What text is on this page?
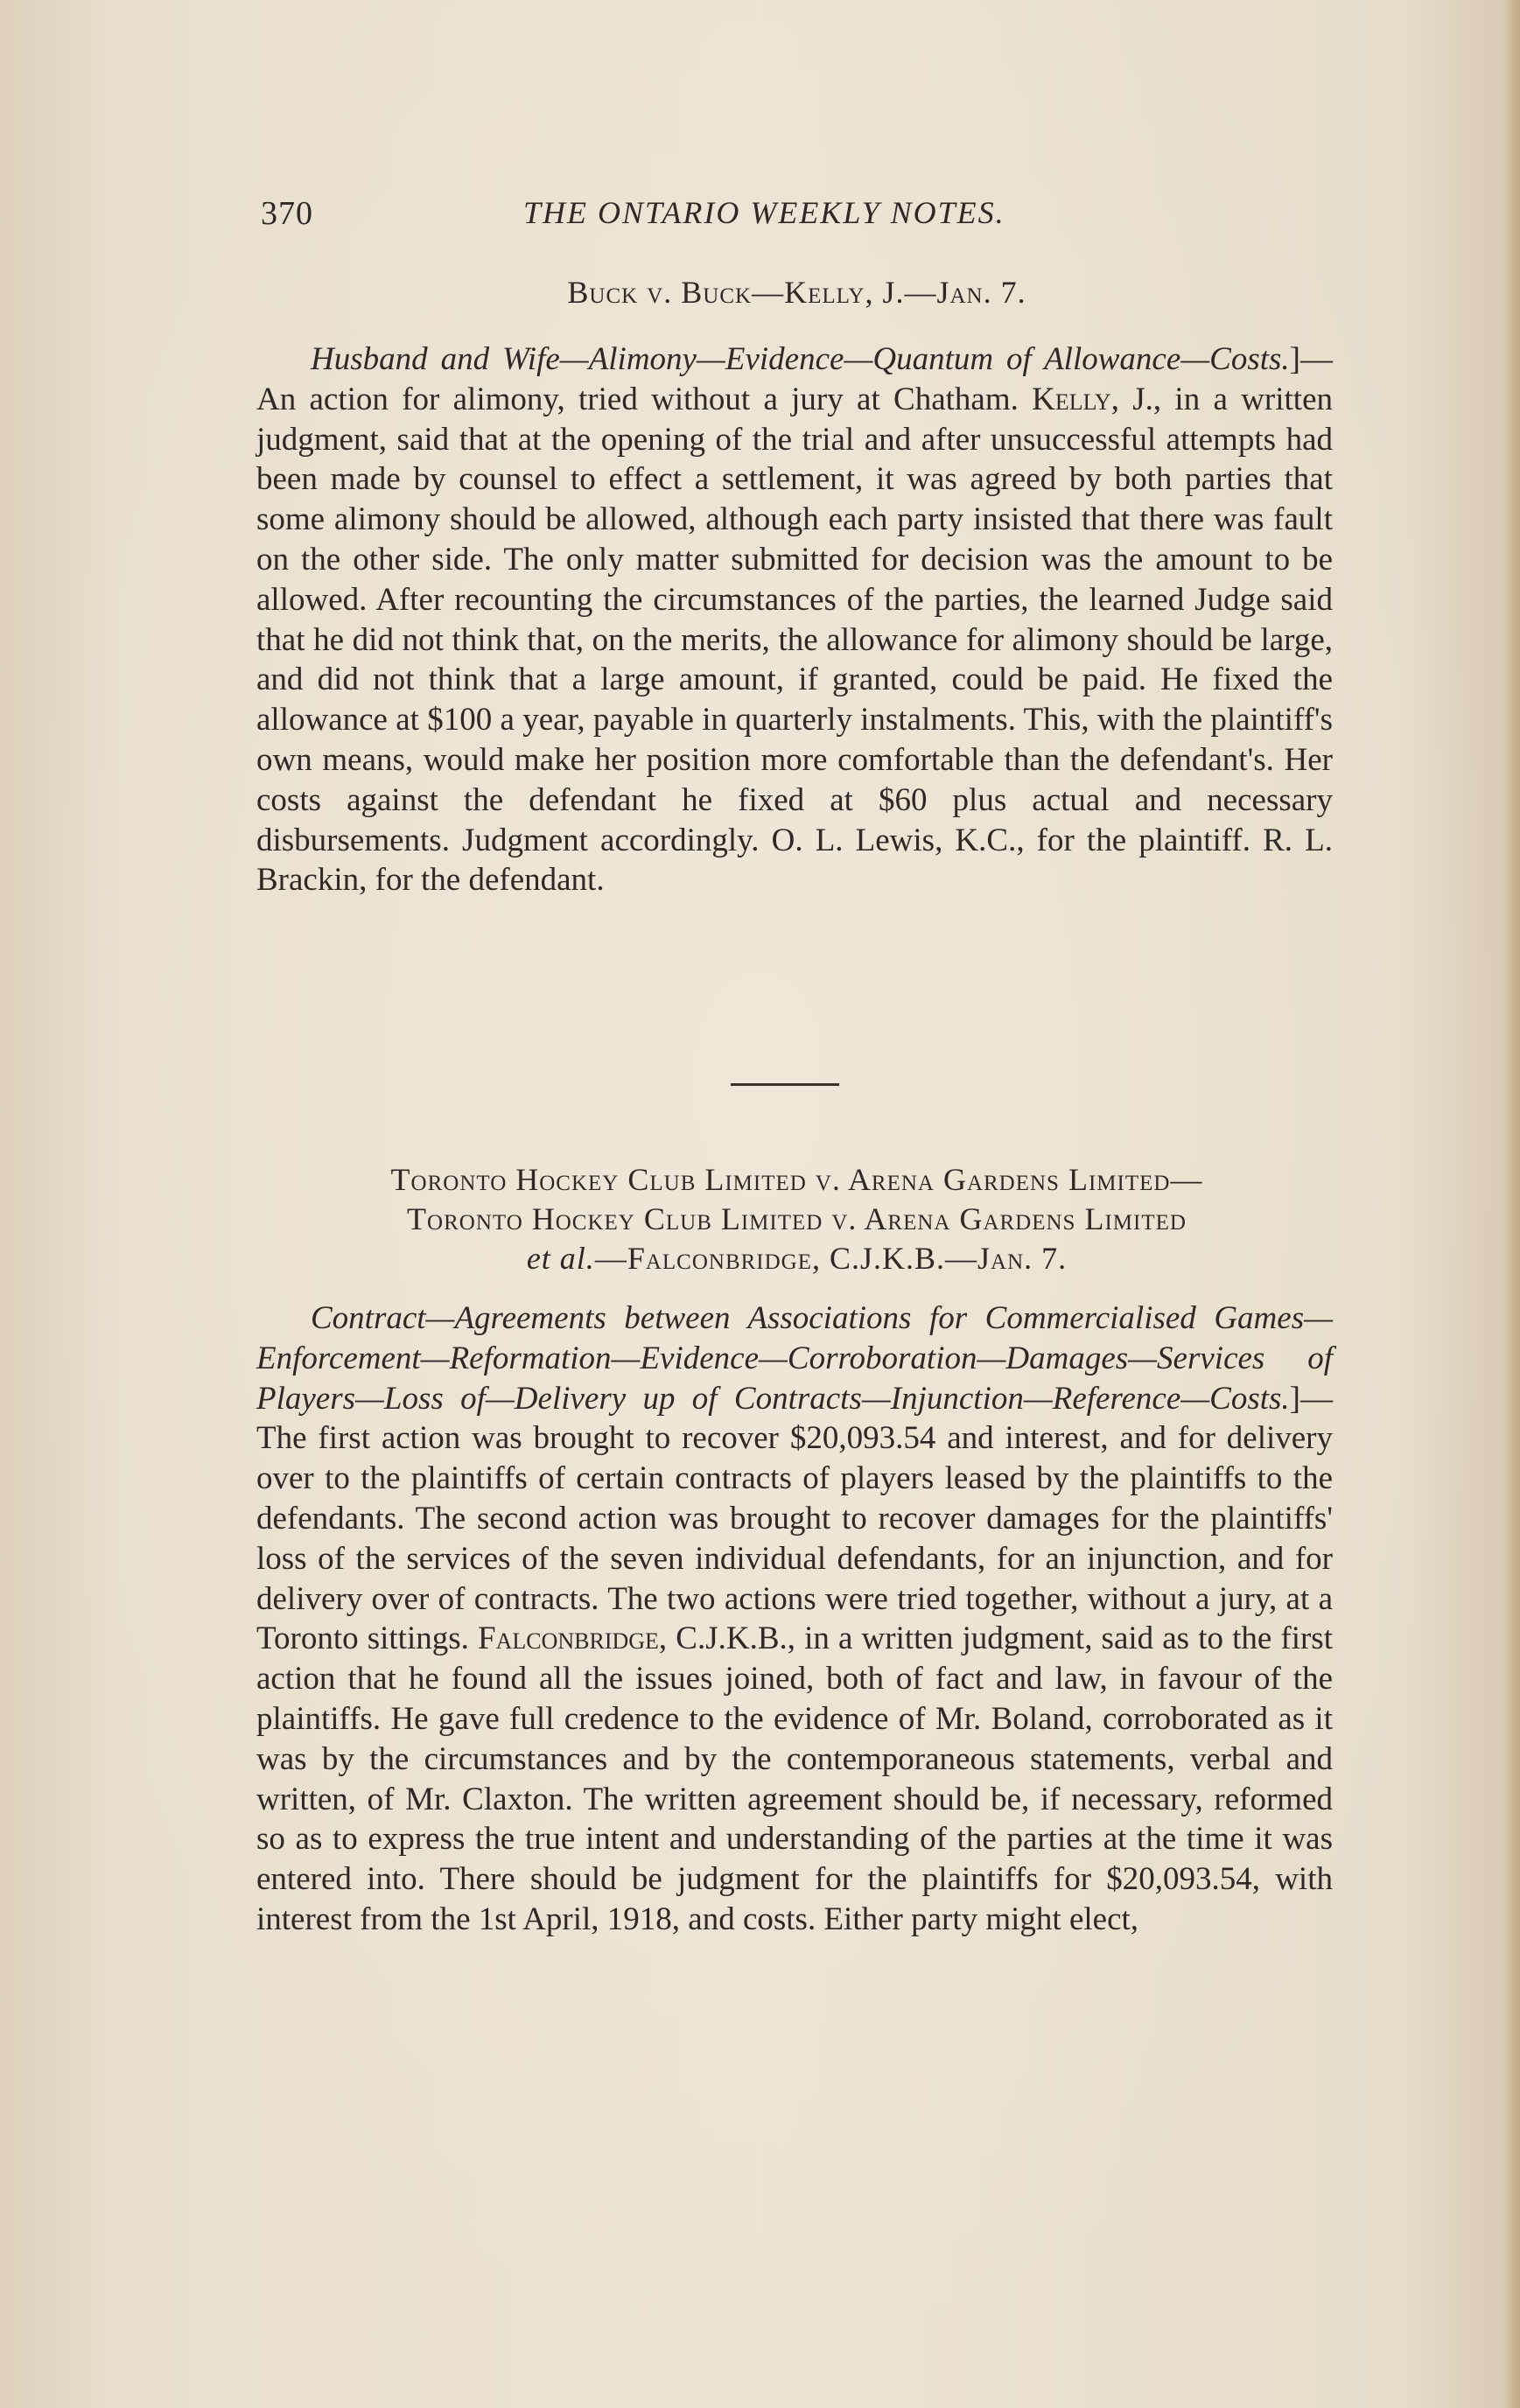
370	THE ONTARIO WEEKLY NOTES.
Buck v. Buck—Kelly, J.—Jan. 7.

Husband and Wife—Alimony—Evidence—Quantum of Allowance—Costs.]—An action for alimony, tried without a jury at Chatham. Kelly, J., in a written judgment, said that at the opening of the trial and after unsuccessful attempts had been made by counsel to effect a settlement, it was agreed by both parties that some alimony should be allowed, although each party insisted that there was fault on the other side. The only matter submitted for decision was the amount to be allowed. After recounting the circumstances of the parties, the learned Judge said that he did not think that, on the merits, the allowance for alimony should be large, and did not think that a large amount, if granted, could be paid. He fixed the allowance at $100 a year, payable in quarterly instalments. This, with the plaintiff's own means, would make her position more comfortable than the defendant's. Her costs against the defendant he fixed at $60 plus actual and necessary disbursements. Judgment accordingly. O. L. Lewis, K.C., for the plaintiff. R. L. Brackin, for the defendant.

Toronto Hockey Club Limited v. Arena Gardens Limited—
Toronto Hockey Club Limited v. Arena Gardens Limited
et al.—Falconbridge, C.J.K.B.—Jan. 7.

Contract—Agreements between Associations for Commercialised Games—Enforcement—Reformation—Evidence—Corroboration—Damages—Services of Players—Loss of—Delivery up of Contracts—Injunction—Reference—Costs.]—The first action was brought to recover $20,093.54 and interest, and for delivery over to the plaintiffs of certain contracts of players leased by the plaintiffs to the defendants. The second action was brought to recover damages for the plaintiffs' loss of the services of the seven individual defendants, for an injunction, and for delivery over of contracts. The two actions were tried together, without a jury, at a Toronto sittings. Falconbridge, C.J.K.B., in a written judgment, said as to the first action that he found all the issues joined, both of fact and law, in favour of the plaintiffs. He gave full credence to the evidence of Mr. Boland, corroborated as it was by the circumstances and by the contemporaneous statements, verbal and written, of Mr. Claxton. The written agreement should be, if necessary, reformed so as to express the true intent and understanding of the parties at the time it was entered into. There should be judgment for the plaintiffs for $20,093.54, with interest from the 1st April, 1918, and costs. Either party might elect,
